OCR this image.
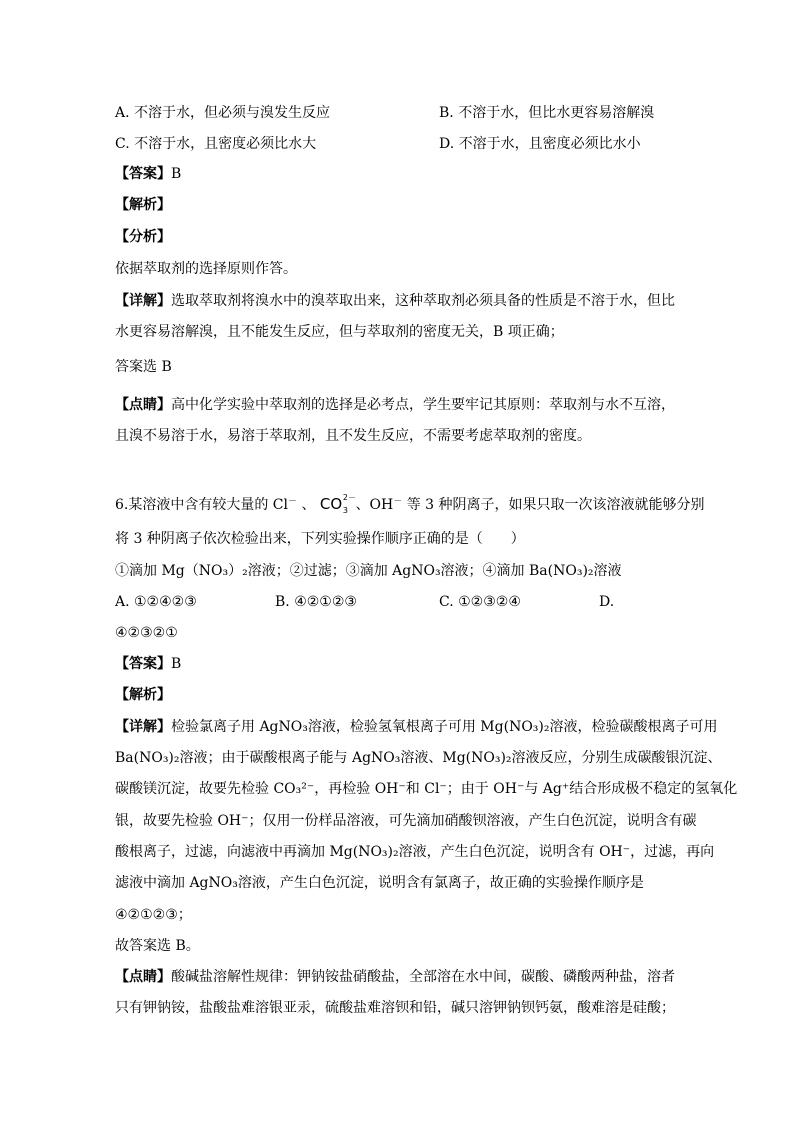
A. 不溶于水，但必须与溴发生反应	B. 不溶于水，但比水更容易溶解溴
C. 不溶于水，且密度必须比水大	D. 不溶于水，且密度必须比水小
【答案】B
【解析】
【分析】
依据萃取剂的选择原则作答。
【详解】选取萃取剂将溴水中的溴萃取出来，这种萃取剂必须具备的性质是不溶于水，但比
水更容易溶解溴，且不能发生反应，但与萃取剂的密度无关，B 项正确；
答案选 B
【点睛】高中化学实验中萃取剂的选择是必考点，学生要牢记其原则：萃取剂与水不互溶，
且溴不易溶于水，易溶于萃取剂，且不发生反应，不需要考虑萃取剂的密度。
6.某溶液中含有较大量的 Cl－ 、 CO 2－
3 、OH－ 等 3 种阴离子，如果只取一次该溶液就能够分别
将 3 种阴离子依次检验出来，下列实验操作顺序正确的是（　　）
①滴加 Mg（NO₃）₂溶液；②过滤；③滴加 AgNO₃溶液；④滴加 Ba(NO₃)₂溶液
A. ①②④②③	B. ④②①②③	C. ①②③②④	D.
④②③②①
【答案】B
【解析】
【详解】检验氯离子用 AgNO₃溶液，检验氢氧根离子可用 Mg(NO₃)₂溶液，检验碳酸根离子可用
Ba(NO₃)₂溶液；由于碳酸根离子能与 AgNO₃溶液、Mg(NO₃)₂溶液反应，分别生成碳酸银沉淀、
碳酸镁沉淀，故要先检验 CO₃²⁻，再检验 OH⁻和 Cl⁻；由于 OH⁻与 Ag⁺结合形成极不稳定的氢氧化
银，故要先检验 OH⁻；仅用一份样品溶液，可先滴加硝酸钡溶液，产生白色沉淀，说明含有碳
酸根离子，过滤，向滤液中再滴加 Mg(NO₃)₂溶液，产生白色沉淀，说明含有 OH⁻，过滤，再向
滤液中滴加 AgNO₃溶液，产生白色沉淀，说明含有氯离子，故正确的实验操作顺序是
④②①②③；
故答案选 B。
【点睛】酸碱盐溶解性规律：钾钠铵盐硝酸盐，全部溶在水中间，碳酸、磷酸两种盐，溶者
只有钾钠铵，盐酸盐难溶银亚汞，硫酸盐难溶钡和铅，碱只溶钾钠钡钙氨，酸难溶是硅酸；
